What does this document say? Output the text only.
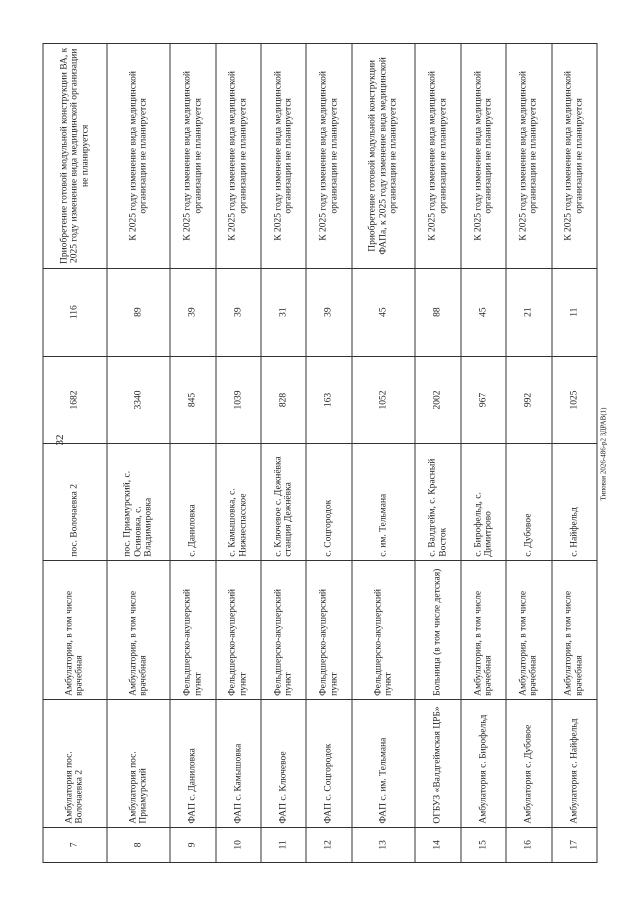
32
7	Амбулатория пос. Волочаевка 2	Амбулатория, в том числе врачебная	пос. Волочаевка 2	1682	116	Приобретение готовой модульной конструкции ВА, к 2025 году изменение вида медицинской организации не планируется
8	Амбулатория пос. Приамурский	Амбулатория, в том числе врачебная	пос. Приамурский, с. Осиновка, с. Владимировка	3340	89	К 2025 году изменение вида медицинской организации не планируется
9	ФАП с. Даниловка	Фельдшерско-акушерский пункт	с. Даниловка	845	39	К 2025 году изменение вида медицинской организации не планируется
10	ФАП с. Камышовка	Фельдшерско-акушерский пункт	с. Камышовка, с. Нижнеспасское	1039	39	К 2025 году изменение вида медицинской организации не планируется
11	ФАП с. Ключевое	Фельдшерско-акушерский пункт	с. Ключевое с. Дежнёвка станция Дежнёвка	828	31	К 2025 году изменение вида медицинской организации не планируется
12	ФАП с. Соцгородок	Фельдшерско-акушерский пункт	с. Соцгородок	163	39	К 2025 году изменение вида медицинской организации не планируется
13	ФАП с. им. Тельмана	Фельдшерско-акушерский пункт	с. им. Тельмана	1052	45	Приобретение готовой модульной конструкции ФАПа, к 2025 году изменение вида медицинской организации не планируется
14	ОГБУЗ «Валдгеймская ЦРБ»	Больница (в том числе детская)	с. Валдгейм, с. Красный Восток	2002	88	К 2025 году изменение вида медицинской организации не планируется
15	Амбулатория с. Бирофельд	Амбулатория, в том числе врачебная	с. Бирофельд, с. Димитрово	967	45	К 2025 году изменение вида медицинской организации не планируется
16	Амбулатория с. Дубовое	Амбулатория, в том числе врачебная	с. Дубовое	992	21	К 2025 году изменение вида медицинской организации не планируется
17	Амбулатория с. Найфельд	Амбулатория, в том числе врачебная	с. Найфельд	1025	11	К 2025 году изменение вида медицинской организации не планируется
Типовая 2026-486-р2 ЗДРАВ(1)
